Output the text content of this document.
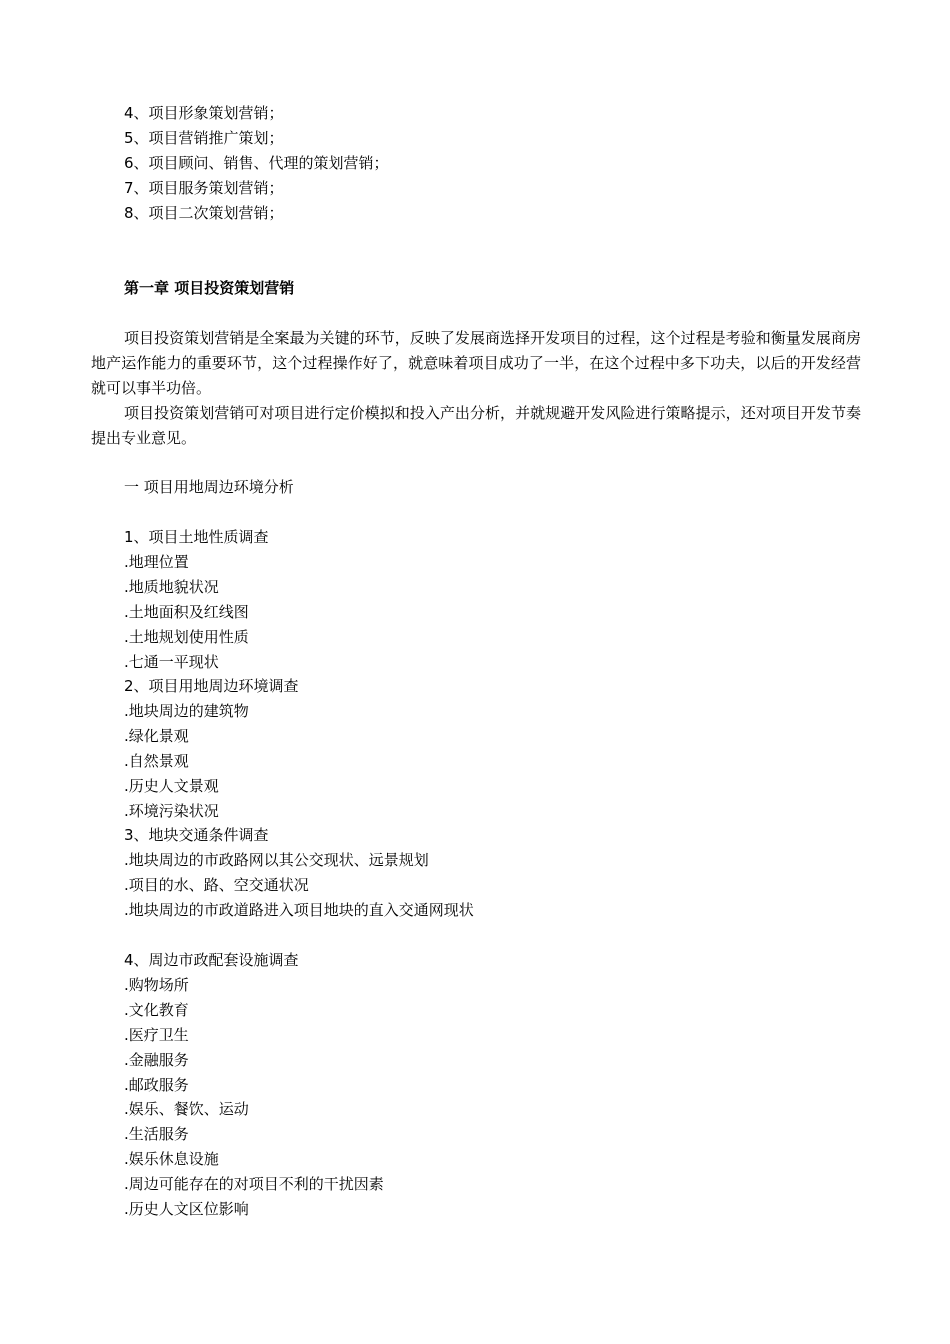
4、项目形象策划营销；
5、项目营销推广策划；
6、项目顾问、销售、代理的策划营销；
7、项目服务策划营销；
8、项目二次策划营销；
第一章 项目投资策划营销
项目投资策划营销是全案最为关键的环节，反映了发展商选择开发项目的过程，这个过程是考验和衡量发展商房地产运作能力的重要环节，这个过程操作好了，就意味着项目成功了一半，在这个过程中多下功夫，以后的开发经营就可以事半功倍。
项目投资策划营销可对项目进行定价模拟和投入产出分析，并就规避开发风险进行策略提示，还对项目开发节奏提出专业意见。
一 项目用地周边环境分析
1、项目土地性质调查
.地理位置
.地质地貌状况
.土地面积及红线图
.土地规划使用性质
.七通一平现状
2、项目用地周边环境调查
.地块周边的建筑物
.绿化景观
.自然景观
.历史人文景观
.环境污染状况
3、地块交通条件调查
.地块周边的市政路网以其公交现状、远景规划
.项目的水、路、空交通状况
.地块周边的市政道路进入项目地块的直入交通网现状
4、周边市政配套设施调查
.购物场所
.文化教育
.医疗卫生
.金融服务
.邮政服务
.娱乐、餐饮、运动
.生活服务
.娱乐休息设施
.周边可能存在的对项目不利的干扰因素
.历史人文区位影响
